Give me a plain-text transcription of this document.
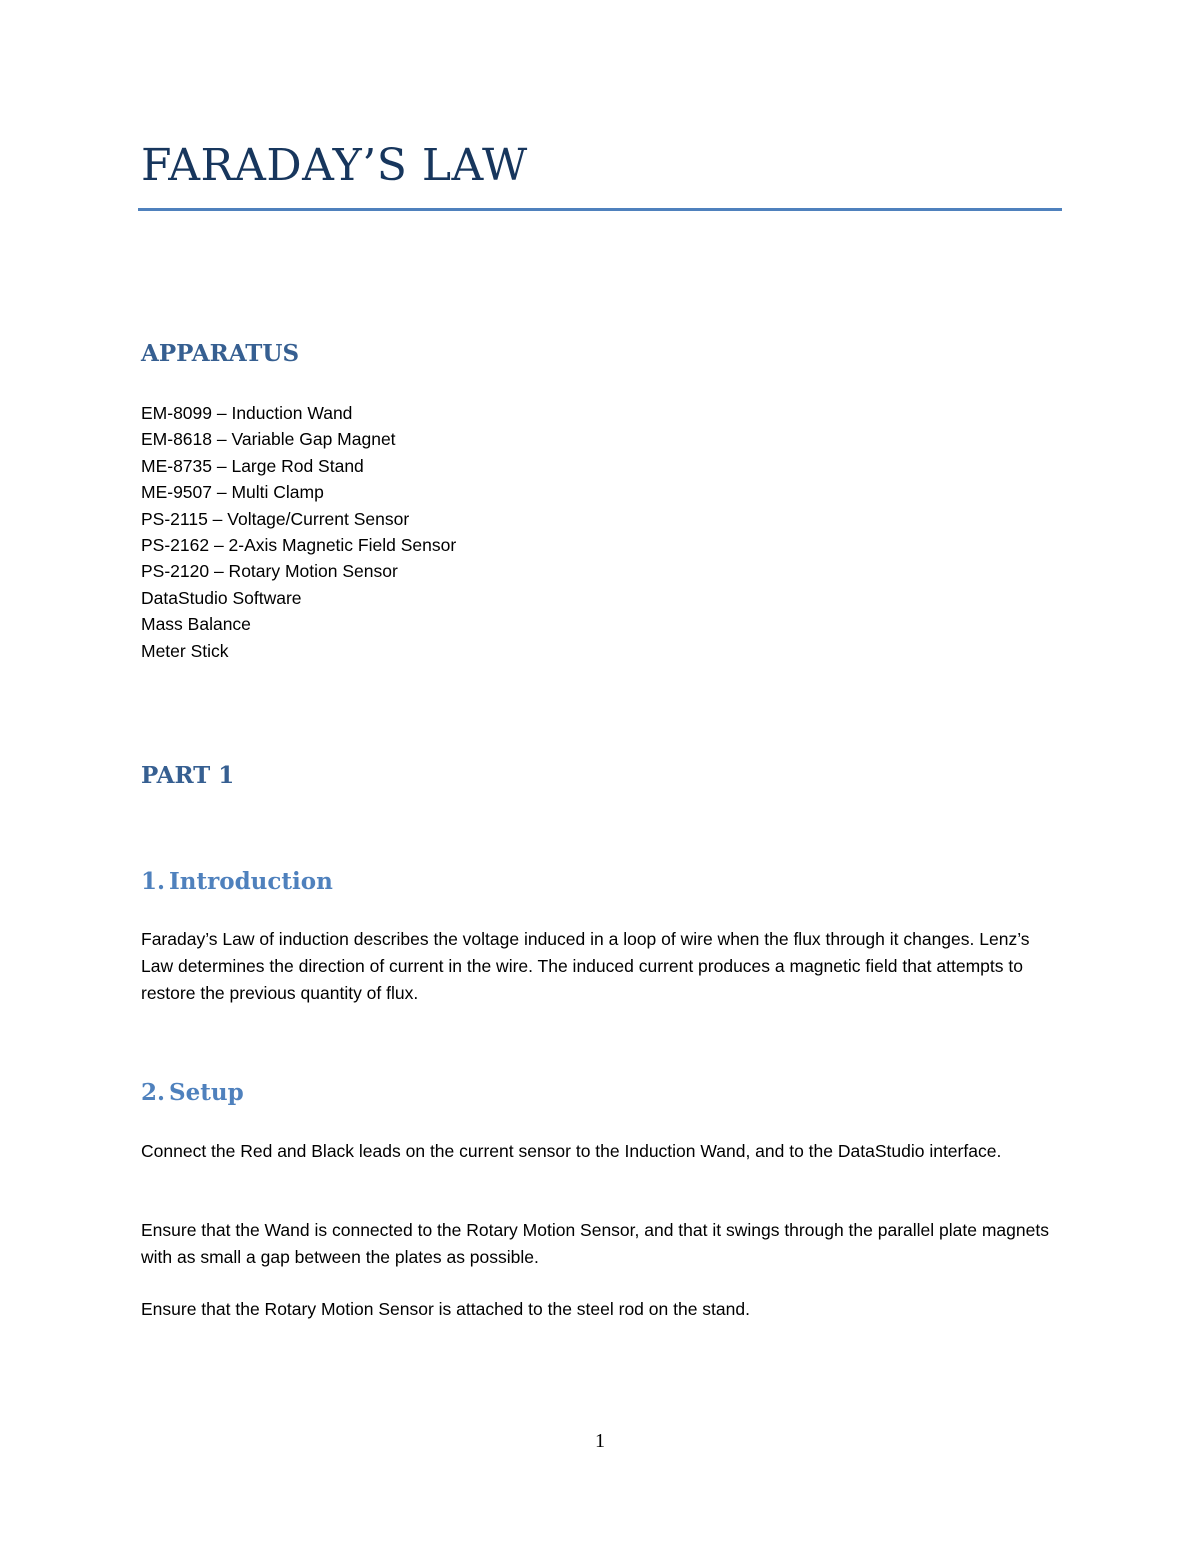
FARADAY’S LAW
APPARATUS
EM-8099 – Induction Wand
EM-8618 – Variable Gap Magnet
ME-8735 – Large Rod Stand
ME-9507 – Multi Clamp
PS-2115 – Voltage/Current Sensor
PS-2162 – 2-Axis Magnetic Field Sensor
PS-2120 – Rotary Motion Sensor
DataStudio Software
Mass Balance
Meter Stick
PART 1
1. Introduction

Faraday’s Law of induction describes the voltage induced in a loop of wire when the flux through it changes. Lenz’s Law determines the direction of current in the wire. The induced current produces a magnetic field that attempts to restore the previous quantity of flux.

2. Setup

Connect the Red and Black leads on the current sensor to the Induction Wand, and to the DataStudio interface.

Ensure that the Wand is connected to the Rotary Motion Sensor, and that it swings through the parallel plate magnets with as small a gap between the plates as possible.

Ensure that the Rotary Motion Sensor is attached to the steel rod on the stand.

1
